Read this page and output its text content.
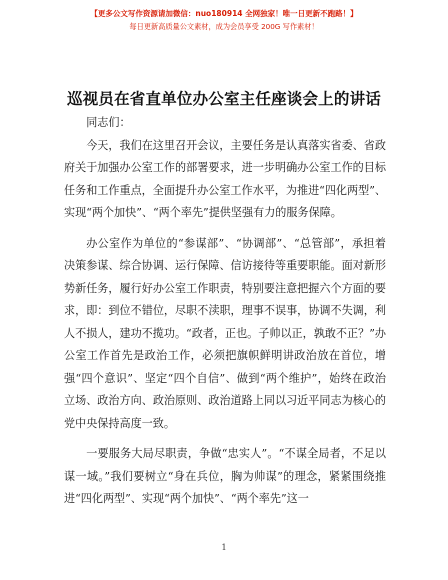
【更多公文写作资源请加微信：nuo180914 全网独家！唯一日更新不跑路！】
每日更新高质量公文素材，成为会员享受 200G 写作素材！
巡视员在省直单位办公室主任座谈会上的讲话

同志们：

今天，我们在这里召开会议，主要任务是认真落实省委、省政府关于加强办公室工作的部署要求，进一步明确办公室工作的目标任务和工作重点，全面提升办公室工作水平，为推进“四化两型”、实现“两个加快”、“两个率先”提供坚强有力的服务保障。

办公室作为单位的“参谋部”、“协调部”、“总管部”，承担着决策参谋、综合协调、运行保障、信访接待等重要职能。面对新形势新任务，履行好办公室工作职责，特别要注意把握六个方面的要求，即：到位不错位，尽职不渎职，理事不误事，协调不失调，利人不损人，建功不揽功。“政者，正也。子帅以正，孰敢不正？”办公室工作首先是政治工作，必须把旗帜鲜明讲政治放在首位，增强“四个意识”、坚定“四个自信”、做到“两个维护”，始终在政治立场、政治方向、政治原则、政治道路上同以习近平同志为核心的党中央保持高度一致。

一要服务大局尽职责，争做“忠实人”。“不谋全局者，不足以谋一域。”我们要树立“身在兵位，胸为帅谋”的理念，紧紧围绕推进“四化两型”、实现“两个加快”、“两个率先”这一

1
